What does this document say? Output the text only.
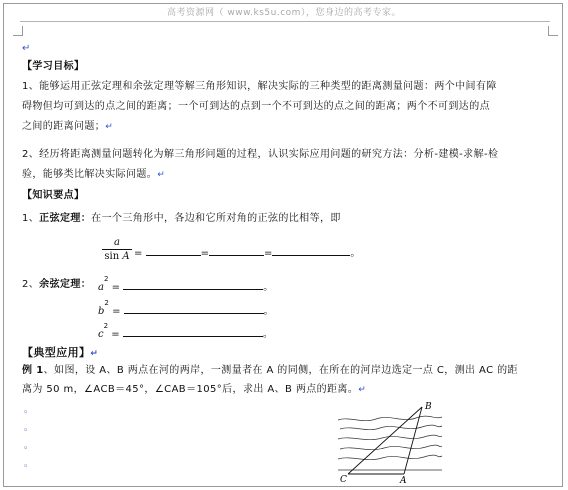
高考资源网（ www.ks5u.com），您身边的高考专家。
↵
【学习目标】
1、能够运用正弦定理和余弦定理等解三角形知识，解决实际的三种类型的距离测量问题：两个中间有障
碍物但均可到达的点之间的距离；一个可到达的点到一个不可到达的点之间的距离；两个不可到达的点
之间的距离问题；↵
2、经历将距离测量问题转化为解三角形问题的过程，认识实际应用问题的研究方法：分析-建模-求解-检
验，能够类比解决实际问题。↵
【知识要点】
1、正弦定理：在一个三角形中，各边和它所对角的正弦的比相等，即
a
sin A =	=	=	。
2、余弦定理： $a^2$ =	。
$b^2$ =	。
$c^2$ =	。
【典型应用】↵
例 1、如图，设 A、B 两点在河的两岸，一测量者在 A 的同侧，在所在的河岸边选定一点 C，测出 AC 的距
离为 50 m，∠ACB＝45°，∠CAB＝105°后，求出 A、B 两点的距离。↵
。
。
。
。
B
C	A
